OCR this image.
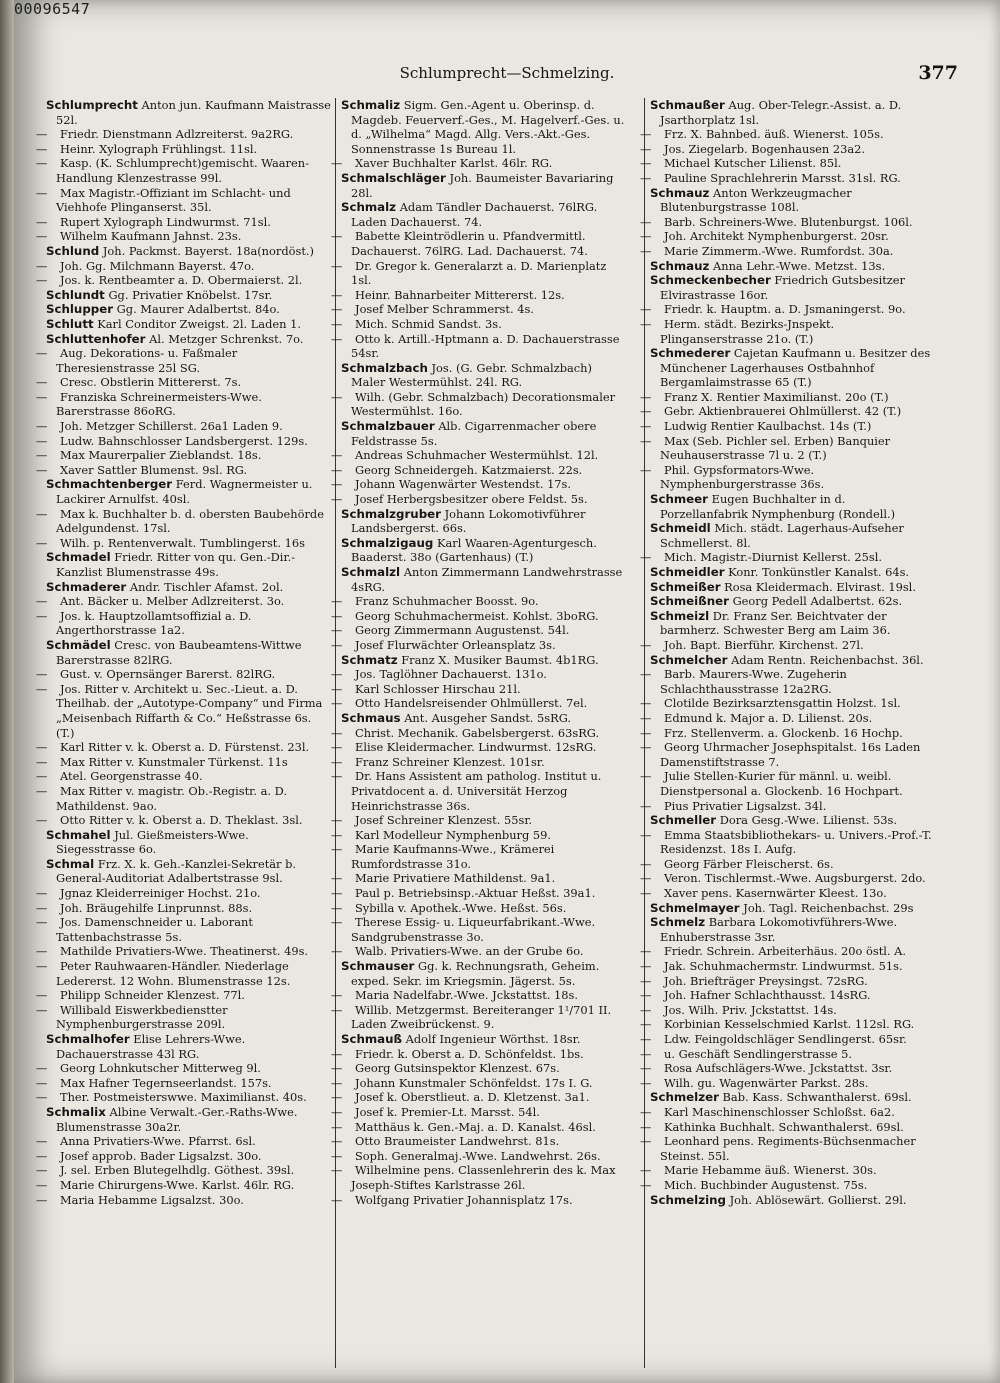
00096547
Schlumprecht—Schmelzing.	377
Schlumprecht Anton jun. Kaufmann Maistrasse 52l.
— Friedr. Dienstmann Adlzreiterst. 9a2RG.
— Heinr. Xylograph Frühlingst. 11sl.
— Kasp. (K. Schlumprecht)gemischt. Waaren-Handlung Klenzestrasse 99l.
— Max Magistr.-Offiziant im Schlacht- und Viehhofe Plinganserst. 35l.
— Rupert Xylograph Lindwurmst. 71sl.
— Wilhelm Kaufmann Jahnst. 23s.
Schlund Joh. Packmst. Bayerst. 18a(nordöst.)
— Joh. Gg. Milchmann Bayerst. 47o.
— Jos. k. Rentbeamter a. D. Obermaierst. 2l.
Schlundt Gg. Privatier Knöbelst. 17sr.
Schlupper Gg. Maurer Adalbertst. 84o.
Schlutt Karl Conditor Zweigst. 2l. Laden 1.
Schluttenhofer Al. Metzger Schrenkst. 7o.
— Aug. Dekorations- u. Faßmaler Theresienstrasse 25l SG.
— Cresc. Obstlerin Mittererst. 7s.
— Franziska Schreinermeisters-Wwe. Barerstrasse 86oRG.
— Joh. Metzger Schillerst. 26a1 Laden 9.
— Ludw. Bahnschlosser Landsbergerst. 129s.
— Max Maurerpalier Zieblandst. 18s.
— Xaver Sattler Blumenst. 9sl. RG.
Schmachtenberger Ferd. Wagnermeister u. Lackirer Arnulfst. 40sl.
— Max k. Buchhalter b. d. obersten Baubehörde Adelgundenst. 17sl.
— Wilh. p. Rentenverwalt. Tumblingerst. 16s
Schmadel Friedr. Ritter von qu. Gen.-Dir.-Kanzlist Blumenstrasse 49s.
Schmaderer Andr. Tischler Afamst. 2ol.
— Ant. Bäcker u. Melber Adlzreiterst. 3o.
— Jos. k. Hauptzollamtsoffizial a. D. Angerthorstrasse 1a2.
Schmädel Cresc. von Baubeamtens-Wittwe Barerstrasse 82lRG.
— Gust. v. Opernsänger Barerst. 82lRG.
— Jos. Ritter v. Architekt u. Sec.-Lieut. a. D. Theilhab. der „Autotype-Company“ und Firma „Meisenbach Riffarth & Co.“ Heßstrasse 6s. (T.)
— Karl Ritter v. k. Oberst a. D. Fürstenst. 23l.
— Max Ritter v. Kunstmaler Türkenst. 11s
— Atel. Georgenstrasse 40.
— Max Ritter v. magistr. Ob.-Registr. a. D. Mathildenst. 9ao.
— Otto Ritter v. k. Oberst a. D. Theklast. 3sl.
Schmahel Jul. Gießmeisters-Wwe. Siegesstrasse 6o.
Schmal Frz. X. k. Geh.-Kanzlei-Sekretär b. General-Auditoriat Adalbertstrasse 9sl.
— Jgnaz Kleiderreiniger Hochst. 21o.
— Joh. Bräugehilfe Linprunnst. 88s.
— Jos. Damenschneider u. Laborant Tattenbachstrasse 5s.
— Mathilde Privatiers-Wwe. Theatinerst. 49s.
— Peter Rauhwaaren-Händler. Niederlage Ledererst. 12 Wohn. Blumenstrasse 12s.
— Philipp Schneider Klenzest. 77l.
— Willibald Eiswerkbedienstter Nymphenburgerstrasse 209l.
Schmalhofer Elise Lehrers-Wwe. Dachauerstrasse 43l RG.
— Georg Lohnkutscher Mitterweg 9l.
— Max Hafner Tegernseerlandst. 157s.
— Ther. Postmeisterswwe. Maximilianst. 40s.
Schmalix Albine Verwalt.-Ger.-Raths-Wwe. Blumenstrasse 30a2r.
— Anna Privatiers-Wwe. Pfarrst. 6sl.
— Josef approb. Bader Ligsalzst. 30o.
— J. sel. Erben Blutegelhdlg. Göthest. 39sl.
— Marie Chirurgens-Wwe. Karlst. 46lr. RG.
— Maria Hebamme Ligsalzst. 30o.
Schmaliz Sigm. Gen.-Agent u. Oberinsp. d. Magdeb. Feuerverf.-Ges., M. Hagelverf.-Ges. u. d. „Wilhelma“ Magd. Allg. Vers.-Akt.-Ges. Sonnenstrasse 1s Bureau 1l.
— Xaver Buchhalter Karlst. 46lr. RG.
Schmalschläger Joh. Baumeister Bavariaring 28l.
Schmalz Adam Tändler Dachauerst. 76lRG. Laden Dachauerst. 74.
— Babette Kleintrödlerin u. Pfandvermittl. Dachauerst. 76lRG. Lad. Dachauerst. 74.
— Dr. Gregor k. Generalarzt a. D. Marienplatz 1sl.
— Heinr. Bahnarbeiter Mittererst. 12s.
— Josef Melber Schrammerst. 4s.
— Mich. Schmid Sandst. 3s.
— Otto k. Artill.-Hptmann a. D. Dachauerstrasse 54sr.
Schmalzbach Jos. (G. Gebr. Schmalzbach) Maler Westermühlst. 24l. RG.
— Wilh. (Gebr. Schmalzbach) Decorationsmaler Westermühlst. 16o.
Schmalzbauer Alb. Cigarrenmacher obere Feldstrasse 5s.
— Andreas Schuhmacher Westermühlst. 12l.
— Georg Schneidergeh. Katzmaierst. 22s.
— Johann Wagenwärter Westendst. 17s.
— Josef Herbergsbesitzer obere Feldst. 5s.
Schmalzgruber Johann Lokomotivführer Landsbergerst. 66s.
Schmalzigaug Karl Waaren-Agenturgesch. Baaderst. 38o (Gartenhaus) (T.)
Schmalzl Anton Zimmermann Landwehrstrasse 4sRG.
— Franz Schuhmacher Boosst. 9o.
— Georg Schuhmachermeist. Kohlst. 3boRG.
— Georg Zimmermann Augustenst. 54l.
— Josef Flurwächter Orleansplatz 3s.
Schmatz Franz X. Musiker Baumst. 4b1RG.
— Jos. Taglöhner Dachauerst. 131o.
— Karl Schlosser Hirschau 21l.
— Otto Handelsreisender Ohlmüllerst. 7el.
Schmaus Ant. Ausgeher Sandst. 5sRG.
— Christ. Mechanik. Gabelsbergerst. 63sRG.
— Elise Kleidermacher. Lindwurmst. 12sRG.
— Franz Schreiner Klenzest. 101sr.
— Dr. Hans Assistent am patholog. Institut u. Privatdocent a. d. Universität Herzog Heinrichstrasse 36s.
— Josef Schreiner Klenzest. 55sr.
— Karl Modelleur Nymphenburg 59.
— Marie Kaufmanns-Wwe., Krämerei Rumfordstrasse 31o.
— Marie Privatiere Mathildenst. 9a1.
— Paul p. Betriebsinsp.-Aktuar Heßst. 39a1.
— Sybilla v. Apothek.-Wwe. Heßst. 56s.
— Therese Essig- u. Liqueurfabrikant.-Wwe. Sandgrubenstrasse 3o.
— Walb. Privatiers-Wwe. an der Grube 6o.
Schmauser Gg. k. Rechnungsrath, Geheim. exped. Sekr. im Kriegsmin. Jägerst. 5s.
— Maria Nadelfabr.-Wwe. Jckstattst. 18s.
— Willib. Metzgermst. Bereiteranger 1¹/701 II. Laden Zweibrückenst. 9.
Schmauß Adolf Ingenieur Wörthst. 18sr.
— Friedr. k. Oberst a. D. Schönfeldst. 1bs.
— Georg Gutsinspektor Klenzest. 67s.
— Johann Kunstmaler Schönfeldst. 17s I. G.
— Josef k. Oberstlieut. a. D. Kletzenst. 3a1.
— Josef k. Premier-Lt. Marsst. 54l.
— Matthäus k. Gen.-Maj. a. D. Kanalst. 46sl.
— Otto Braumeister Landwehrst. 81s.
— Soph. Generalmaj.-Wwe. Landwehrst. 26s.
— Wilhelmine pens. Classenlehrerin des k. Max Joseph-Stiftes Karlstrasse 26l.
— Wolfgang Privatier Johannisplatz 17s.
Schmaußer Aug. Ober-Telegr.-Assist. a. D. Jsarthorplatz 1sl.
— Frz. X. Bahnbed. äuß. Wienerst. 105s.
— Jos. Ziegelarb. Bogenhausen 23a2.
— Michael Kutscher Lilienst. 85l.
— Pauline Sprachlehrerin Marsst. 31sl. RG.
Schmauz Anton Werkzeugmacher Blutenburgstrasse 108l.
— Barb. Schreiners-Wwe. Blutenburgst. 106l.
— Joh. Architekt Nymphenburgerst. 20sr.
— Marie Zimmerm.-Wwe. Rumfordst. 30a.
Schmauz Anna Lehr.-Wwe. Metzst. 13s.
Schmeckenbecher Friedrich Gutsbesitzer Elvirastrasse 16or.
— Friedr. k. Hauptm. a. D. Jsmaningerst. 9o.
— Herm. städt. Bezirks-Jnspekt. Plinganserstrasse 21o. (T.)
Schmederer Cajetan Kaufmann u. Besitzer des Münchener Lagerhauses Ostbahnhof Bergamlaimstrasse 65 (T.)
— Franz X. Rentier Maximilianst. 20o (T.)
— Gebr. Aktienbrauerei Ohlmüllerst. 42 (T.)
— Ludwig Rentier Kaulbachst. 14s (T.)
— Max (Seb. Pichler sel. Erben) Banquier Neuhauserstrasse 7l u. 2 (T.)
— Phil. Gypsformators-Wwe. Nymphenburgerstrasse 36s.
Schmeer Eugen Buchhalter in d. Porzellanfabrik Nymphenburg (Rondell.)
Schmeidl Mich. städt. Lagerhaus-Aufseher Schmellerst. 8l.
— Mich. Magistr.-Diurnist Kellerst. 25sl.
Schmeidler Konr. Tonkünstler Kanalst. 64s.
Schmeißer Rosa Kleidermach. Elvirast. 19sl.
Schmeißner Georg Pedell Adalbertst. 62s.
Schmeizl Dr. Franz Ser. Beichtvater der barmherz. Schwester Berg am Laim 36.
— Joh. Bapt. Bierführ. Kirchenst. 27l.
Schmelcher Adam Rentn. Reichenbachst. 36l.
— Barb. Maurers-Wwe. Zugeherin Schlachthausstrasse 12a2RG.
— Clotilde Bezirksarztensgattin Holzst. 1sl.
— Edmund k. Major a. D. Lilienst. 20s.
— Frz. Stellenverm. a. Glockenb. 16 Hochp.
— Georg Uhrmacher Josephspitalst. 16s Laden Damenstiftstrasse 7.
— Julie Stellen-Kurier für männl. u. weibl. Dienstpersonal a. Glockenb. 16 Hochpart.
— Pius Privatier Ligsalzst. 34l.
Schmeller Dora Gesg.-Wwe. Lilienst. 53s.
— Emma Staatsbibliothekars- u. Univers.-Prof.-T. Residenzst. 18s I. Aufg.
— Georg Färber Fleischerst. 6s.
— Veron. Tischlermst.-Wwe. Augsburgerst. 2do.
— Xaver pens. Kasernwärter Kleest. 13o.
Schmelmayer Joh. Tagl. Reichenbachst. 29s
Schmelz Barbara Lokomotivführers-Wwe. Enhuberstrasse 3sr.
— Friedr. Schrein. Arbeiterhäus. 20o östl. A.
— Jak. Schuhmachermstr. Lindwurmst. 51s.
— Joh. Briefträger Preysingst. 72sRG.
— Joh. Hafner Schlachthausst. 14sRG.
— Jos. Wilh. Priv. Jckstattst. 14s.
— Korbinian Kesselschmied Karlst. 112sl. RG.
— Ldw. Feingoldschläger Sendlingerst. 65sr.
— u. Geschäft Sendlingerstrasse 5.
— Rosa Aufschlägers-Wwe. Jckstattst. 3sr.
— Wilh. gu. Wagenwärter Parkst. 28s.
Schmelzer Bab. Kass. Schwanthalerst. 69sl.
— Karl Maschinenschlosser Schloßst. 6a2.
— Kathinka Buchhalt. Schwanthalerst. 69sl.
— Leonhard pens. Regiments-Büchsenmacher Steinst. 55l.
— Marie Hebamme äuß. Wienerst. 30s.
— Mich. Buchbinder Augustenst. 75s.
Schmelzing Joh. Ablösewärt. Gollierst. 29l.
